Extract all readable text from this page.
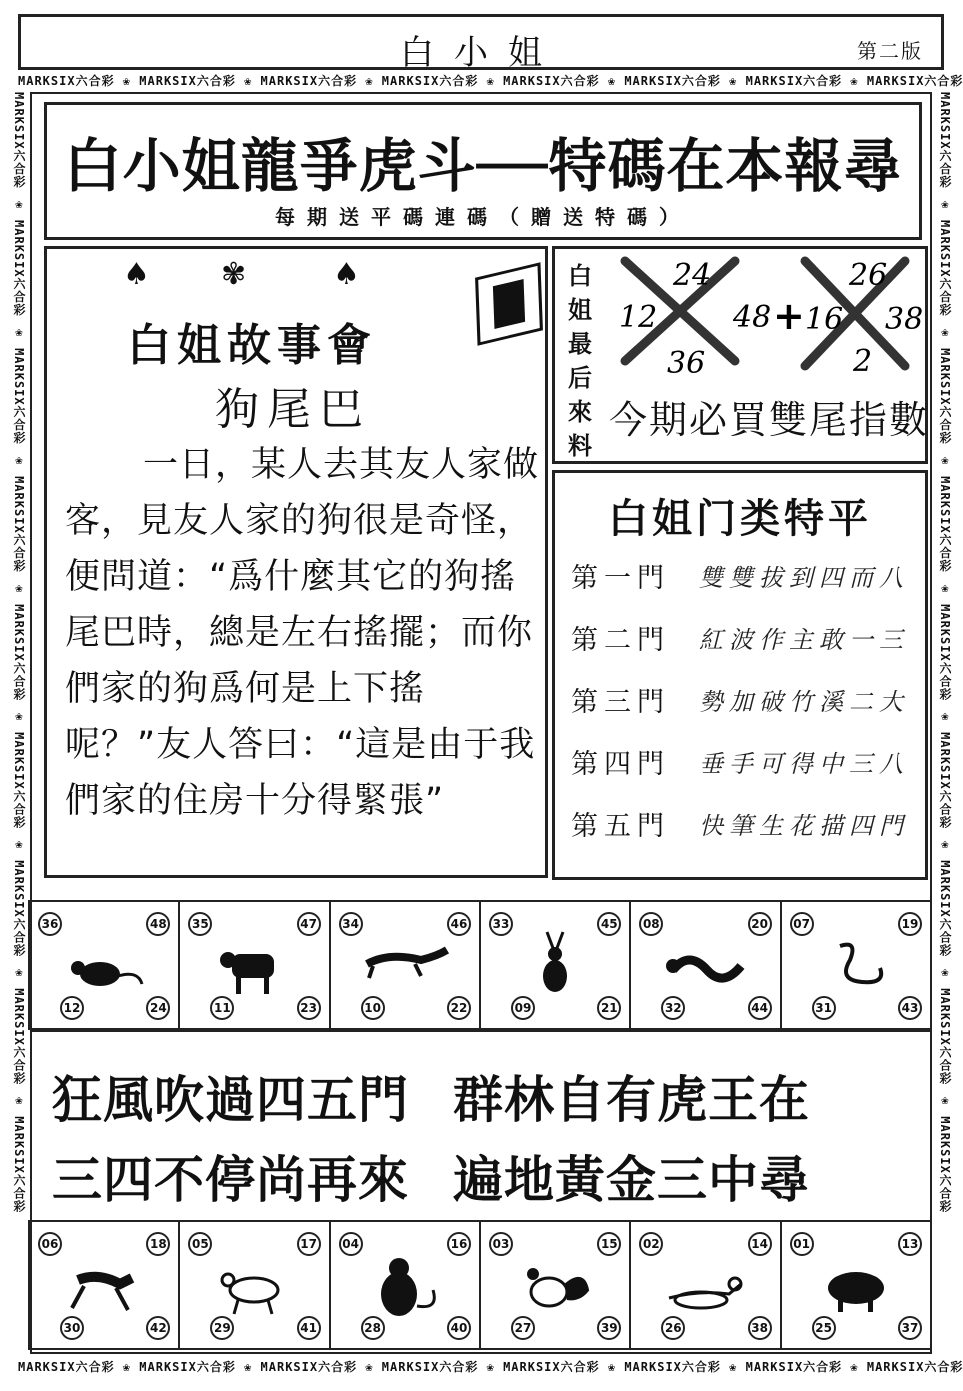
白小姐	第二版
MARKSIX六合彩 ❀ MARKSIX六合彩 ❀ MARKSIX六合彩 ❀ MARKSIX六合彩 ❀ MARKSIX六合彩 ❀ MARKSIX六合彩 ❀ MARKSIX六合彩 ❀ MARKSIX六合彩
MARKSIX六合彩 ❀ MARKSIX六合彩 ❀ MARKSIX六合彩 ❀ MARKSIX六合彩 ❀ MARKSIX六合彩 ❀ MARKSIX六合彩 ❀ MARKSIX六合彩 ❀ MARKSIX六合彩
MARKSIX六合彩 ❀ MARKSIX六合彩 ❀ MARKSIX六合彩 ❀ MARKSIX六合彩 ❀ MARKSIX六合彩 ❀ MARKSIX六合彩 ❀ MARKSIX六合彩 ❀ MARKSIX六合彩 ❀ MARKSIX六合彩
MARKSIX六合彩 ❀ MARKSIX六合彩 ❀ MARKSIX六合彩 ❀ MARKSIX六合彩 ❀ MARKSIX六合彩 ❀ MARKSIX六合彩 ❀ MARKSIX六合彩 ❀ MARKSIX六合彩 ❀ MARKSIX六合彩
白小姐龍爭虎斗──特碼在本報尋
每期送平碼連碼（贈送特碼）
♠ ✾	♠
白姐故事會
狗尾巴
一日，某人去其友人家做客，見友人家的狗很是奇怪，便問道：“爲什麼其它的狗搖尾巴時，總是左右搖擺；而你們家的狗爲何是上下搖呢？”友人答曰：“這是由于我們家的住房十分得緊張”
白姐最后來料
12
24
48
36
+ 16
26
38
2
今期必買雙尾指數
白姐门类特平
第一門	雙雙拔到四而八
第二門	紅波作主敢一三
第三門	勢加破竹溪二大
第四門	垂手可得中三八
第五門	快筆生花描四門
36	48
12	24
35	47
11	23
34	46
10	22
33	45
09	21
08	20
32	44
07	19
31	43
狂風吹過四五門 群林自有虎王在
三四不停尚再來 遍地黃金三中尋
06	18
30	42
05	17
29	41
04	16
28	40
03	15
27	39
02	14
26	38
01	13
25	37
